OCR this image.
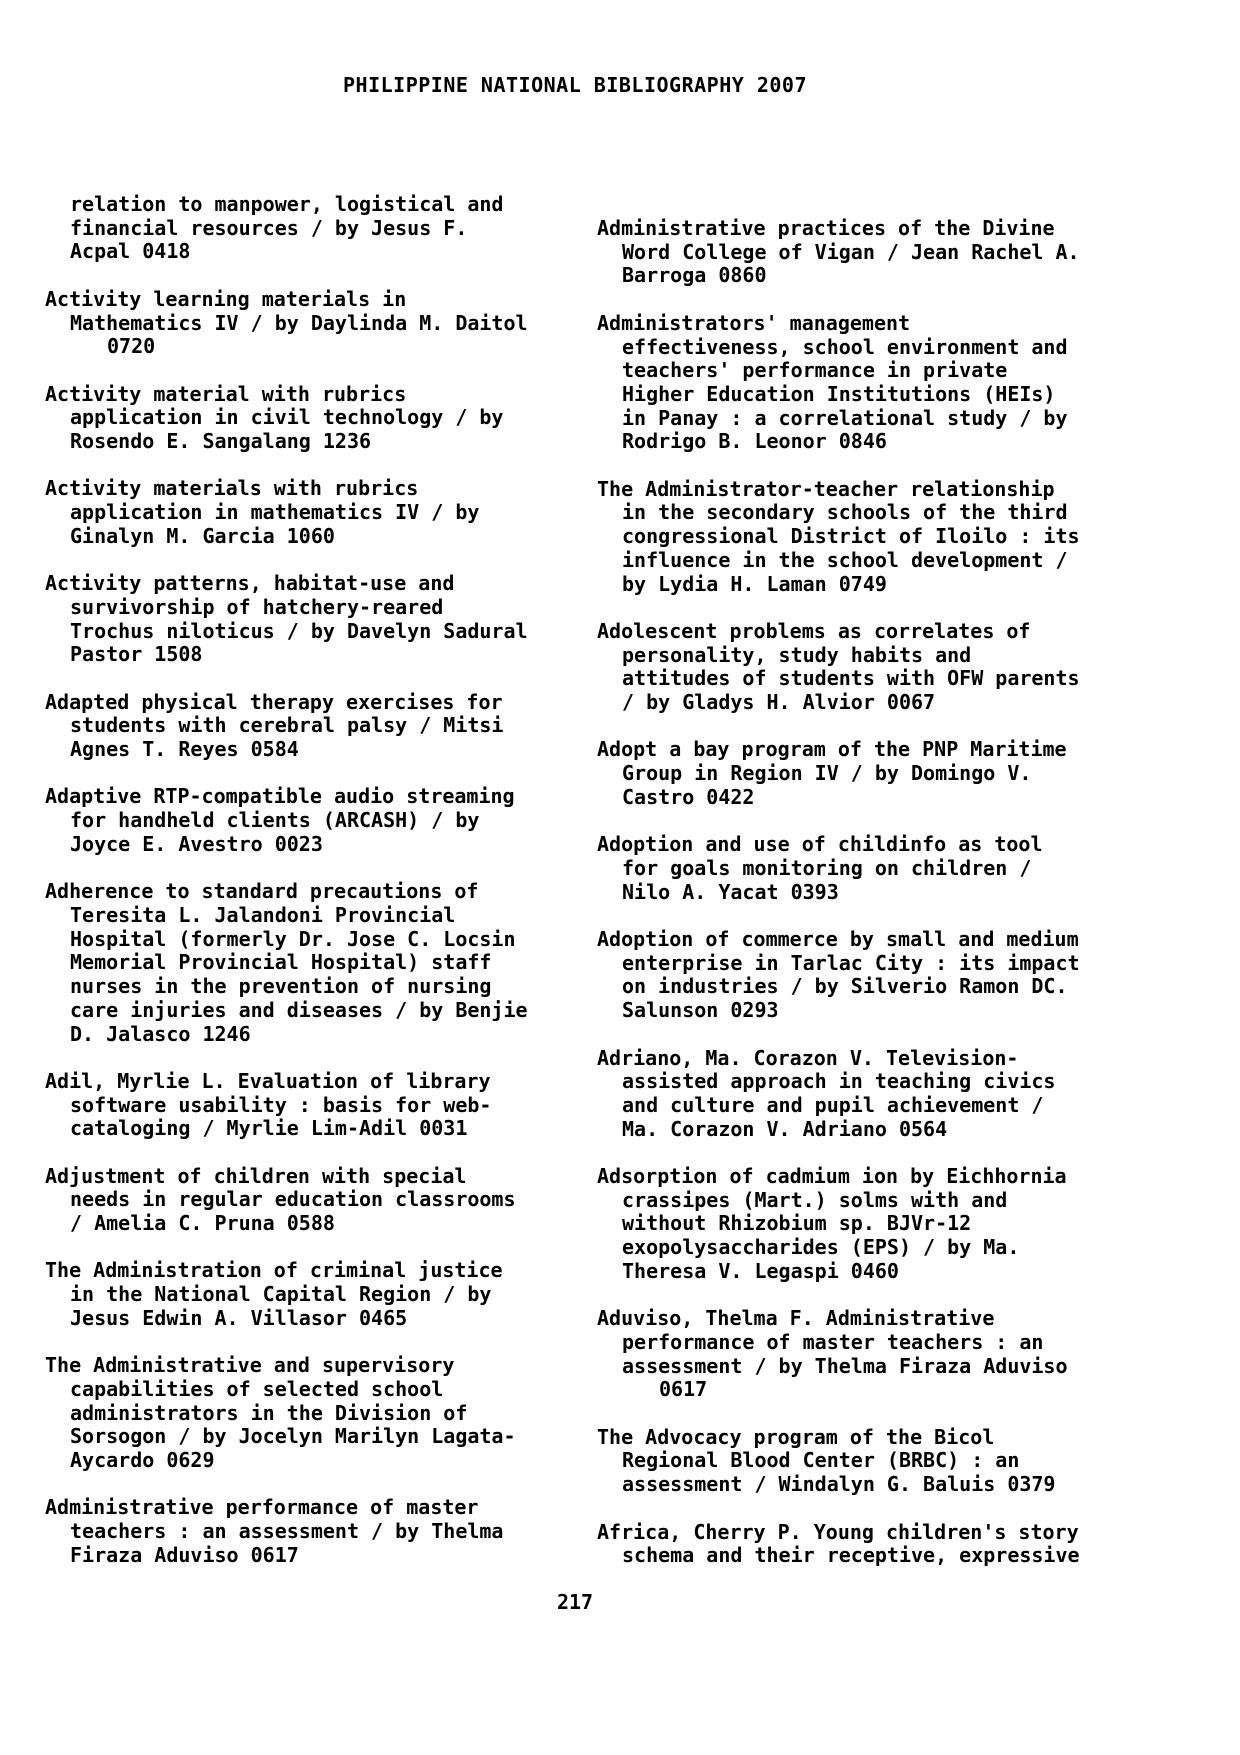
PHILIPPINE NATIONAL BIBLIOGRAPHY 2007
relation to manpower, logistical and
financial resources / by Jesus F.
Acpal 0418
Activity learning materials in
Mathematics IV / by Daylinda M. Daitol
0720
Activity material with rubrics
application in civil technology / by
Rosendo E. Sangalang 1236
Activity materials with rubrics
application in mathematics IV / by
Ginalyn M. Garcia 1060
Activity patterns, habitat-use and
survivorship of hatchery-reared
Trochus niloticus / by Davelyn Sadural
Pastor 1508
Adapted physical therapy exercises for
students with cerebral palsy / Mitsi
Agnes T. Reyes 0584
Adaptive RTP-compatible audio streaming
for handheld clients (ARCASH) / by
Joyce E. Avestro 0023
Adherence to standard precautions of
Teresita L. Jalandoni Provincial
Hospital (formerly Dr. Jose C. Locsin
Memorial Provincial Hospital) staff
nurses in the prevention of nursing
care injuries and diseases / by Benjie
D. Jalasco 1246
Adil, Myrlie L. Evaluation of library
software usability : basis for web-
cataloging / Myrlie Lim-Adil 0031
Adjustment of children with special
needs in regular education classrooms
/ Amelia C. Pruna 0588
The Administration of criminal justice
in the National Capital Region / by
Jesus Edwin A. Villasor 0465
The Administrative and supervisory
capabilities of selected school
administrators in the Division of
Sorsogon / by Jocelyn Marilyn Lagata-
Aycardo 0629
Administrative performance of master
teachers : an assessment / by Thelma
Firaza Aduviso 0617
Administrative practices of the Divine
Word College of Vigan / Jean Rachel A.
Barroga 0860
Administrators' management
effectiveness, school environment and
teachers' performance in private
Higher Education Institutions (HEIs)
in Panay : a correlational study / by
Rodrigo B. Leonor 0846
The Administrator-teacher relationship
in the secondary schools of the third
congressional District of Iloilo : its
influence in the school development /
by Lydia H. Laman 0749
Adolescent problems as correlates of
personality, study habits and
attitudes of students with OFW parents
/ by Gladys H. Alvior 0067
Adopt a bay program of the PNP Maritime
Group in Region IV / by Domingo V.
Castro 0422
Adoption and use of childinfo as tool
for goals monitoring on children /
Nilo A. Yacat 0393
Adoption of commerce by small and medium
enterprise in Tarlac City : its impact
on industries / by Silverio Ramon DC.
Salunson 0293
Adriano, Ma. Corazon V. Television-
assisted approach in teaching civics
and culture and pupil achievement /
Ma. Corazon V. Adriano 0564
Adsorption of cadmium ion by Eichhornia
crassipes (Mart.) solms with and
without Rhizobium sp. BJVr-12
exopolysaccharides (EPS) / by Ma.
Theresa V. Legaspi 0460
Aduviso, Thelma F. Administrative
performance of master teachers : an
assessment / by Thelma Firaza Aduviso
0617
The Advocacy program of the Bicol
Regional Blood Center (BRBC) : an
assessment / Windalyn G. Baluis 0379
Africa, Cherry P. Young children's story
schema and their receptive, expressive
217
